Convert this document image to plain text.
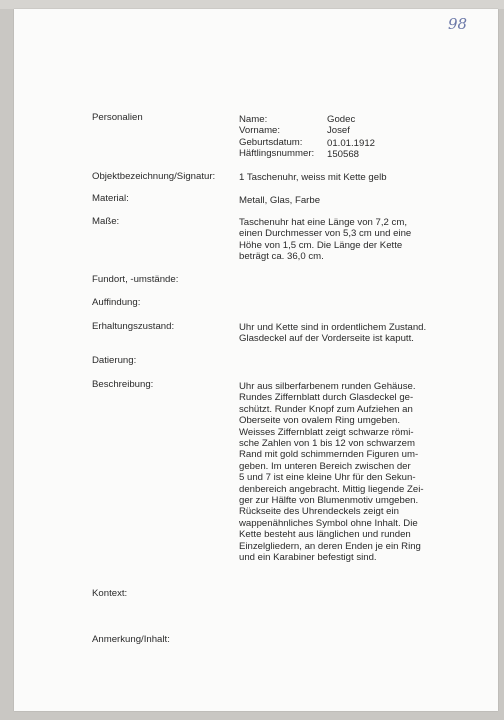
98
Personalien	Name:	Godec
Vorname:	Josef
Geburtsdatum:	01.01.1912
Häftlingsnummer: 150568
Objektbezeichnung/Signatur: 1 Taschenuhr, weiss mit Kette gelb
Material:	Metall, Glas, Farbe
Maße:	Taschenuhr hat eine Länge von 7,2 cm,
einen Durchmesser von 5,3 cm und eine
Höhe von 1,5 cm. Die Länge der Kette
beträgt ca. 36,0 cm.
Fundort, -umstände:
Auffindung:
Erhaltungszustand:	Uhr und Kette sind in ordentlichem Zustand.
Glasdeckel auf der Vorderseite ist kaputt.
Datierung:
Beschreibung:	Uhr aus silberfarbenem runden Gehäuse.
Rundes Ziffernblatt durch Glasdeckel ge-
schützt. Runder Knopf zum Aufziehen an
Oberseite von ovalem Ring umgeben.
Weisses Ziffernblatt zeigt schwarze römi-
sche Zahlen von 1 bis 12 von schwarzem
Rand mit gold schimmernden Figuren um-
geben. Im unteren Bereich zwischen der
5 und 7 ist eine kleine Uhr für den Sekun-
denbereich angebracht. Mittig liegende Zei-
ger zur Hälfte von Blumenmotiv umgeben.
Rückseite des Uhrendeckels zeigt ein
wappenähnliches Symbol ohne Inhalt. Die
Kette besteht aus länglichen und runden
Einzelgliedern, an deren Enden je ein Ring
und ein Karabiner befestigt sind.
Kontext:
Anmerkung/Inhalt:
